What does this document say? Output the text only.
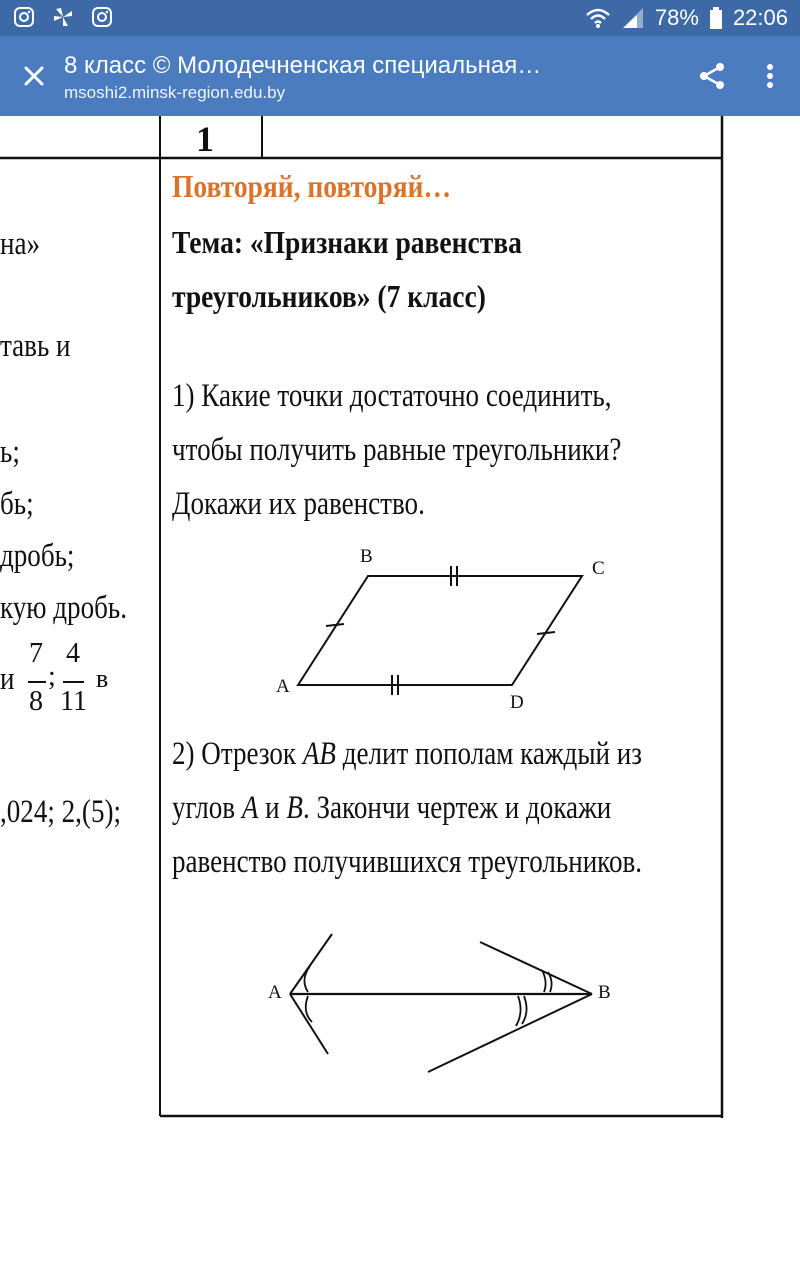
78% 22:06
8 класс © Молодечненская специальная…
msoshi2.minsk-region.edu.by
1
на»
тавь и
ь;
бь;
дробь;
кую дробь.
и
7
8
;
4
11
в
,024; 2,(5);
Повторяй, повторяй…
Тема: «Признаки равенства
треугольников» (7 класс)
1) Какие точки достаточно соединить,
чтобы получить равные треугольники?
Докажи их равенство.
B
C
A
D
2) Отрезок AB делит пополам каждый из
углов A и B. Закончи чертеж и докажи
равенство получившихся треугольников.
A	B
